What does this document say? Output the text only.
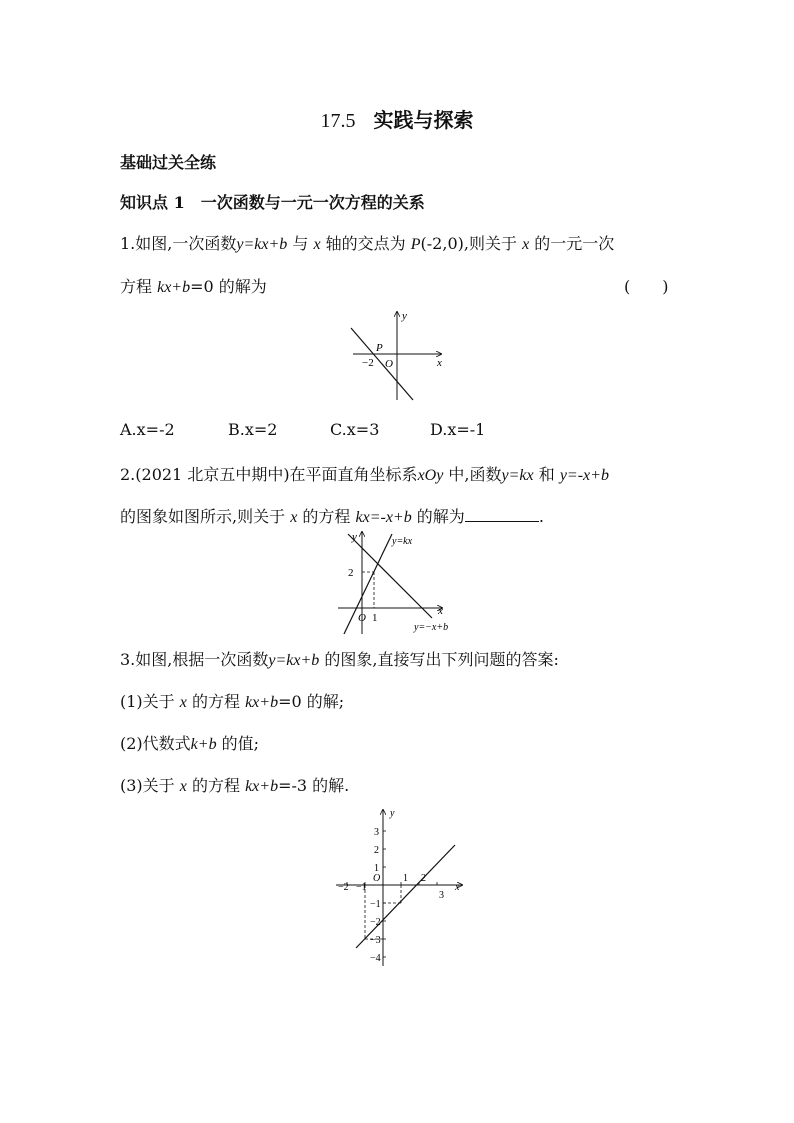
17.5 实践与探索
基础过关全练
知识点 1　一次函数与一元一次方程的关系
1.如图,一次函数y=kx+b 与 x 轴的交点为 P(-2,0),则关于 x 的一元一次
方程 kx+b=0 的解为	(　　)
y
x
P
−2 O
A.x=-2	B.x=2	C.x=3	D.x=-1
2.(2021 北京五中期中)在平面直角坐标系xOy 中,函数y=kx 和 y=-x+b
的图象如图所示,则关于 x 的方程 kx=-x+b 的解为	.
y
x
2
1
O
y=kx
y=−x+b
3.如图,根据一次函数y=kx+b 的图象,直接写出下列问题的答案:
(1)关于 x 的方程 kx+b=0 的解;
(2)代数式k+b 的值;
(3)关于 x 的方程 kx+b=-3 的解.
y
x
O
3
2
1
−1
−2
−3
−4
−2 −1
1 2
3
